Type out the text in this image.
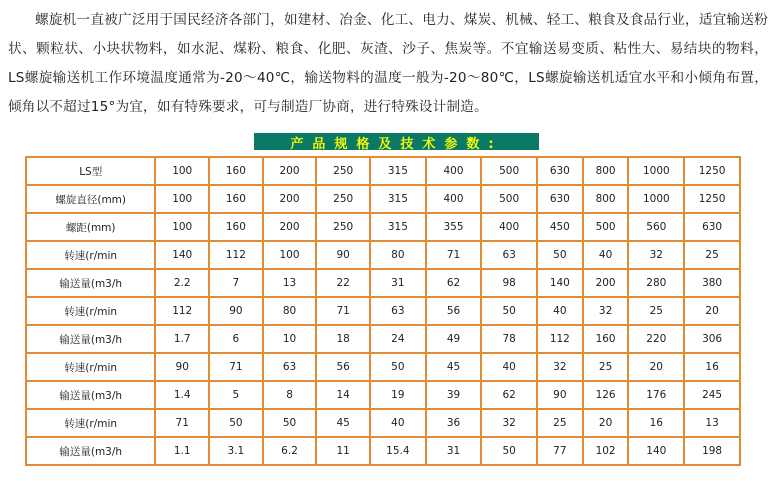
螺旋机一直被广泛用于国民经济各部门，如建材、冶金、化工、电力、煤炭、机械、轻工、粮食及食品行业，适宜输送粉状、颗粒状、小块状物料，如水泥、煤粉、粮食、化肥、灰渣、沙子、焦炭等。不宜输送易变质、粘性大、易结块的物料，LS螺旋输送机工作环境温度通常为-20～40℃，输送物料的温度一般为-20～80℃，LS螺旋输送机适宜水平和小倾角布置，倾角以不超过15°为宜，如有特殊要求，可与制造厂协商，进行特殊设计制造。
产品规格及技术参数:
LS型	100	160	200	250	315	400	500	630	800	1000	1250
螺旋直径(mm)	100	160	200	250	315	400	500	630	800	1000	1250
螺距(mm)	100	160	200	250	315	355	400	450	500	560	630
转速(r/min	140	112	100	90	80	71	63	50	40	32	25
输送量(m3/h	2.2	7	13	22	31	62	98	140	200	280	380
转速(r/min	112	90	80	71	63	56	50	40	32	25	20
输送量(m3/h	1.7	6	10	18	24	49	78	112	160	220	306
转速(r/min	90	71	63	56	50	45	40	32	25	20	16
输送量(m3/h	1.4	5	8	14	19	39	62	90	126	176	245
转速(r/min	71	50	50	45	40	36	32	25	20	16	13
输送量(m3/h	1.1	3.1	6.2	11	15.4	31	50	77	102	140	198
